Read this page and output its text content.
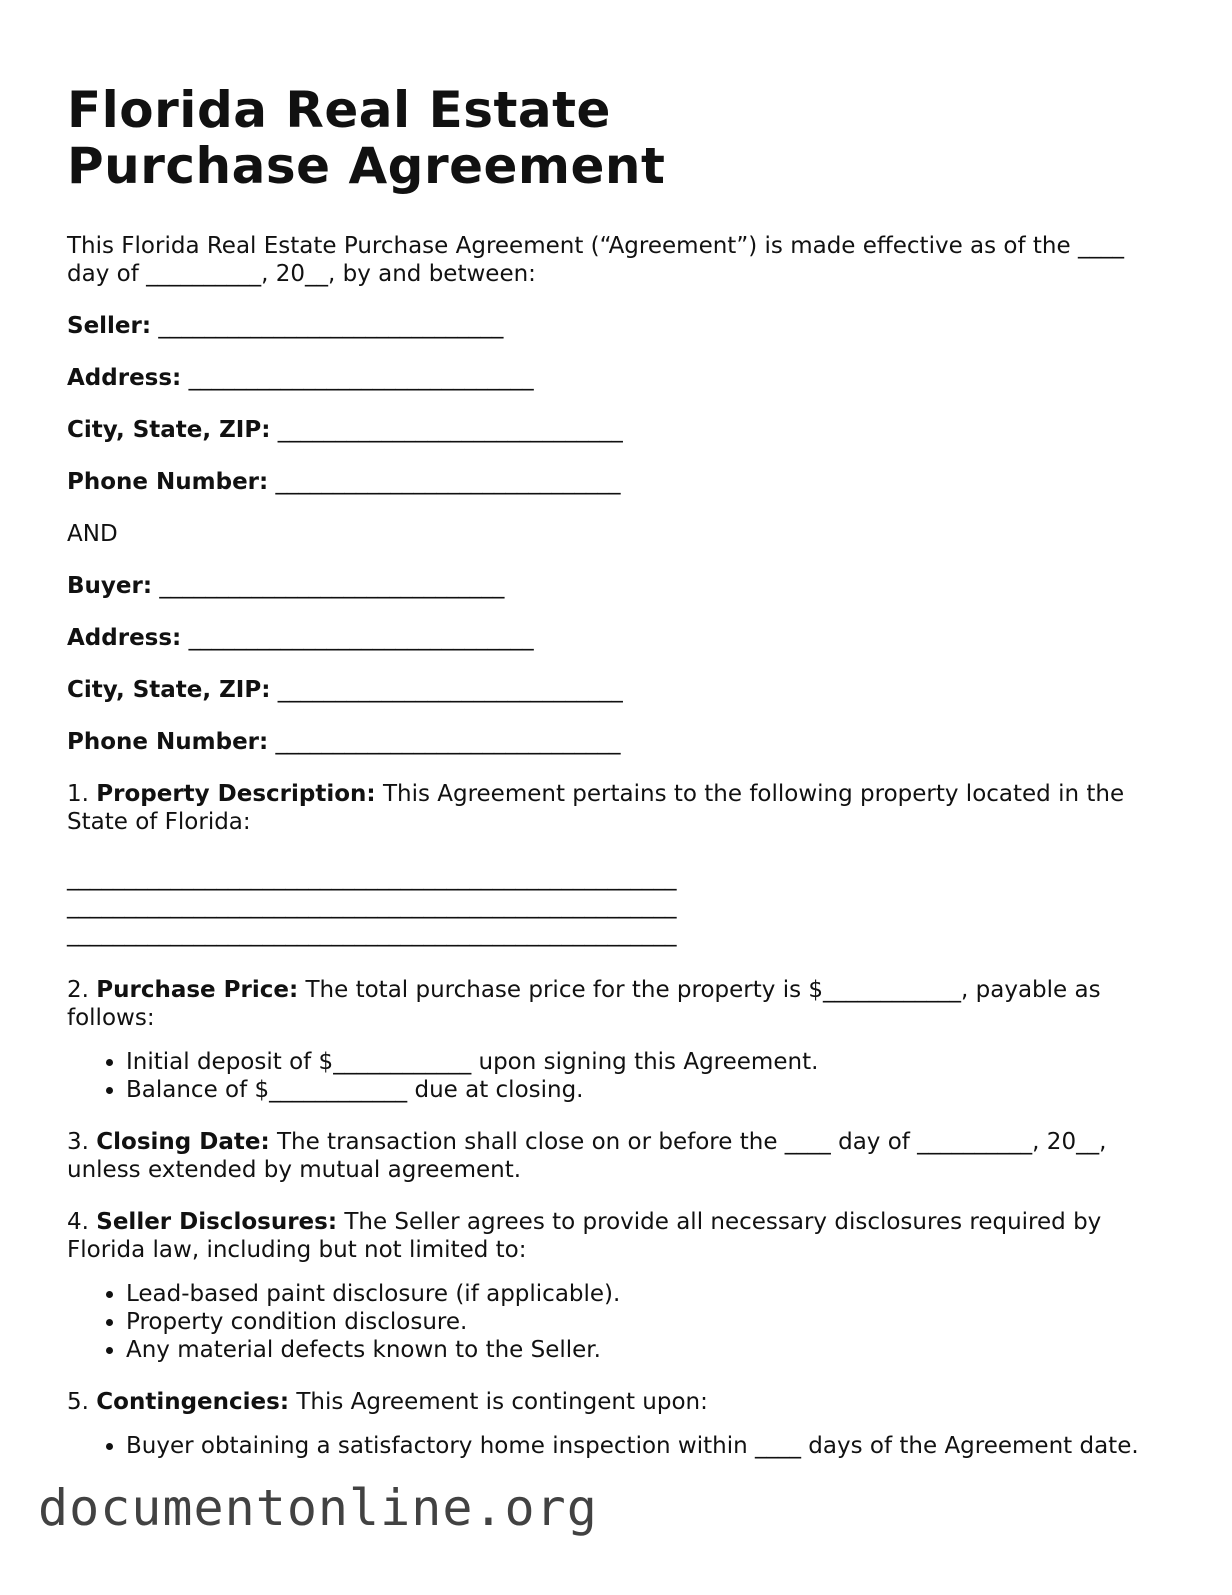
Florida Real Estate Purchase Agreement

This Florida Real Estate Purchase Agreement (“Agreement”) is made effective as of the ____ day of __________, 20__, by and between:

Seller: ______________________________

Address: ______________________________

City, State, ZIP: ______________________________

Phone Number: ______________________________

AND

Buyer: ______________________________

Address: ______________________________

City, State, ZIP: ______________________________

Phone Number: ______________________________

1. Property Description: This Agreement pertains to the following property located in the State of Florida:

_____________________________________________________
_____________________________________________________
_____________________________________________________

2. Purchase Price: The total purchase price for the property is $____________, payable as follows:

• Initial deposit of $____________ upon signing this Agreement.
• Balance of $____________ due at closing.

3. Closing Date: The transaction shall close on or before the ____ day of __________, 20__, unless extended by mutual agreement.

4. Seller Disclosures: The Seller agrees to provide all necessary disclosures required by Florida law, including but not limited to:

• Lead-based paint disclosure (if applicable).
• Property condition disclosure.
• Any material defects known to the Seller.

5. Contingencies: This Agreement is contingent upon:

• Buyer obtaining a satisfactory home inspection within ____ days of the Agreement date.
documentonline.org
